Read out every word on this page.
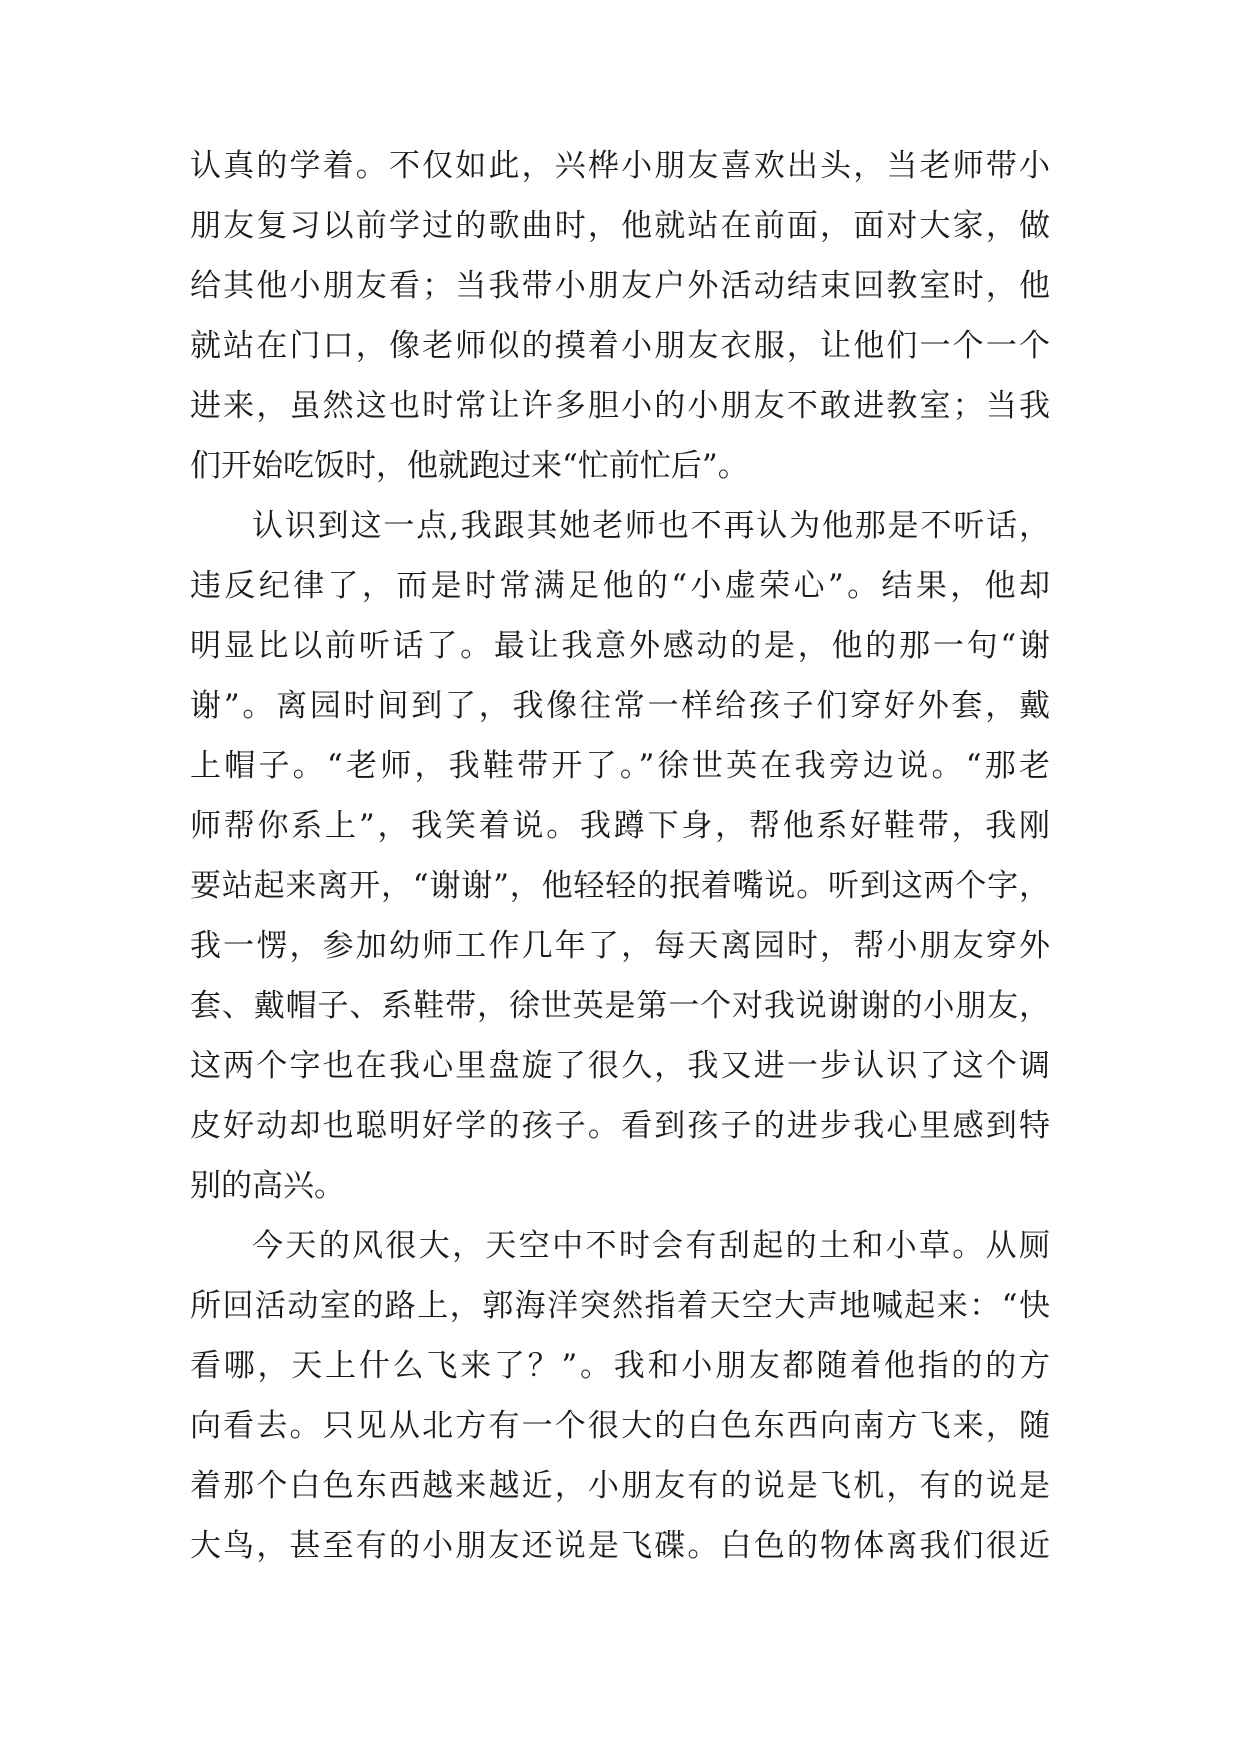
认真的学着。不仅如此，兴桦小朋友喜欢出头，当老师带小
朋友复习以前学过的歌曲时，他就站在前面，面对大家，做
给其他小朋友看；当我带小朋友户外活动结束回教室时，他
就站在门口，像老师似的摸着小朋友衣服，让他们一个一个
进来，虽然这也时常让许多胆小的小朋友不敢进教室；当我
们开始吃饭时，他就跑过来“忙前忙后”。
认识到这一点,我跟其她老师也不再认为他那是不听话，
违反纪律了，而是时常满足他的“小虚荣心”。结果，他却
明显比以前听话了。最让我意外感动的是，他的那一句“谢
谢”。离园时间到了，我像往常一样给孩子们穿好外套，戴
上帽子。“老师，我鞋带开了。”徐世英在我旁边说。“那老
师帮你系上”，我笑着说。我蹲下身，帮他系好鞋带，我刚
要站起来离开，“谢谢”，他轻轻的抿着嘴说。听到这两个字，
我一愣，参加幼师工作几年了，每天离园时，帮小朋友穿外
套、戴帽子、系鞋带，徐世英是第一个对我说谢谢的小朋友，
这两个字也在我心里盘旋了很久，我又进一步认识了这个调
皮好动却也聪明好学的孩子。看到孩子的进步我心里感到特
别的高兴。
今天的风很大，天空中不时会有刮起的土和小草。从厕
所回活动室的路上，郭海洋突然指着天空大声地喊起来：“快
看哪，天上什么飞来了？”。我和小朋友都随着他指的的方
向看去。只见从北方有一个很大的白色东西向南方飞来，随
着那个白色东西越来越近，小朋友有的说是飞机，有的说是
大鸟，甚至有的小朋友还说是飞碟。白色的物体离我们很近
